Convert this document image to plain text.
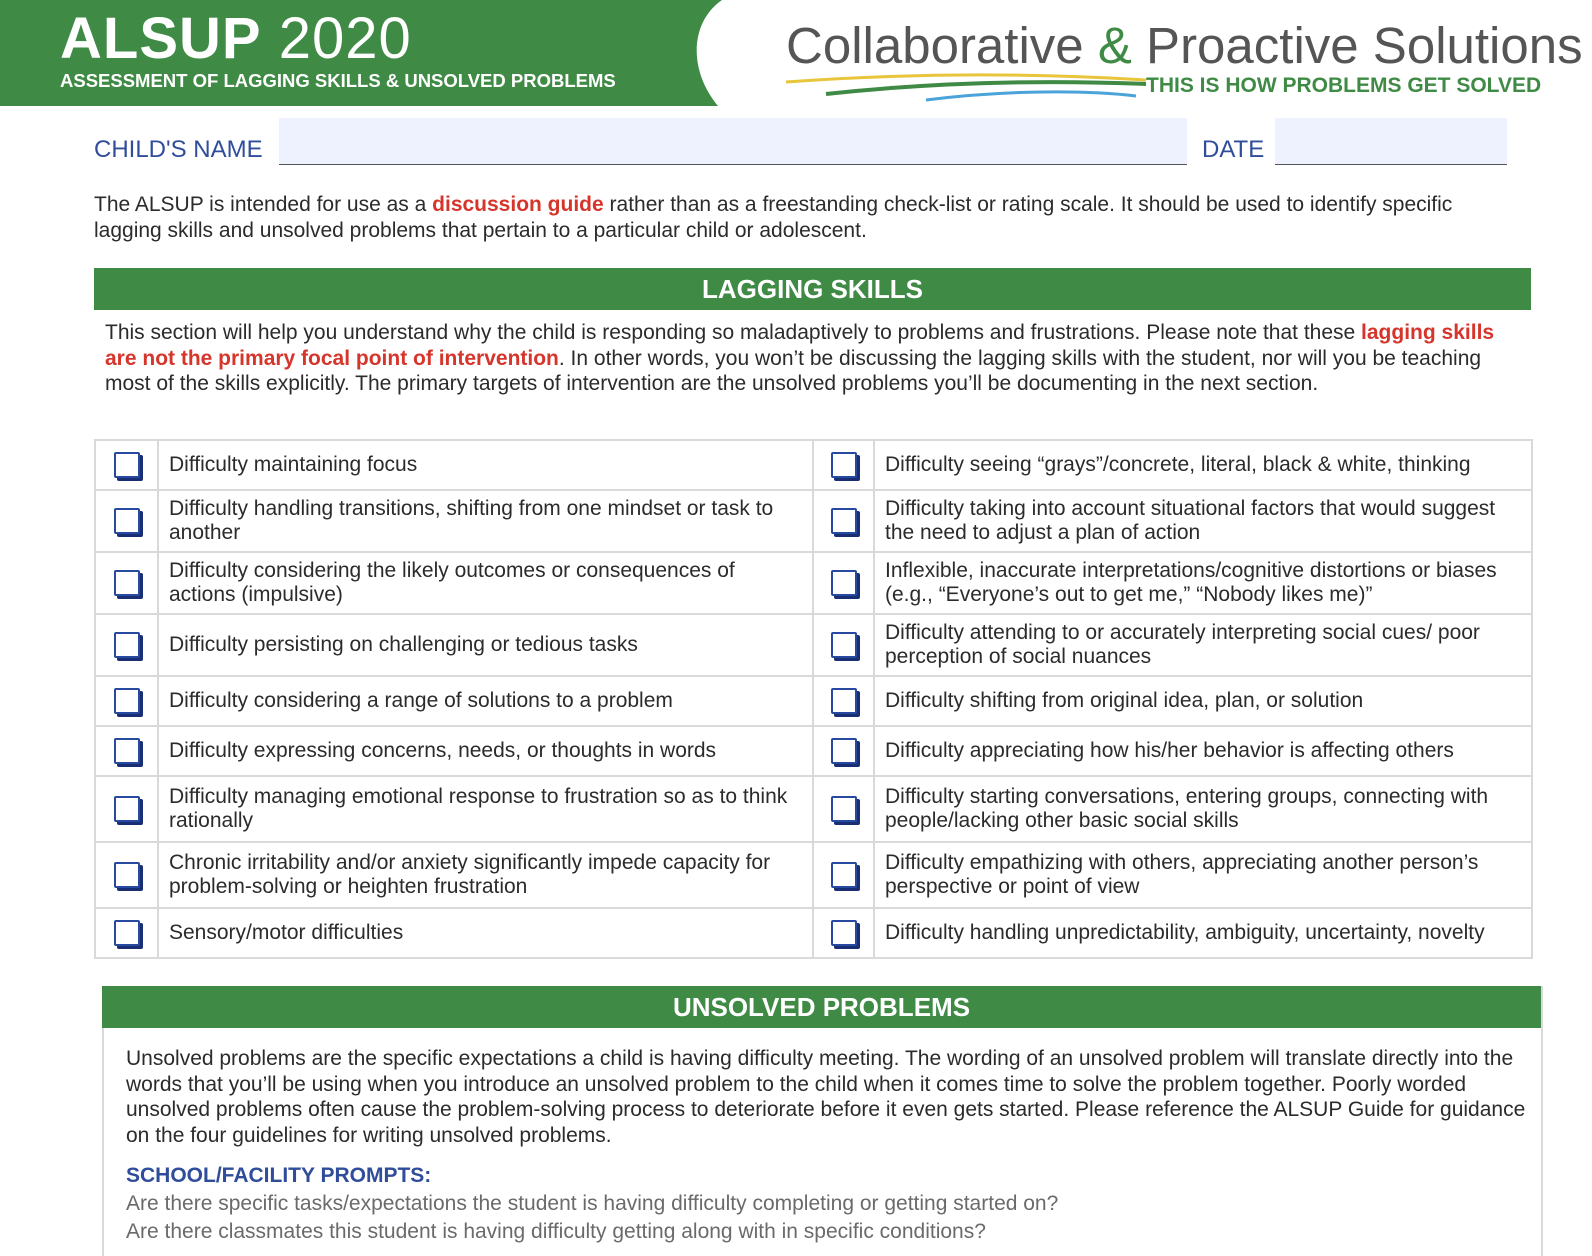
ALSUP 2020
ASSESSMENT OF LAGGING SKILLS & UNSOLVED PROBLEMS
Collaborative & Proactive Solutions
THIS IS HOW PROBLEMS GET SOLVED
CHILD'S NAME	DATE
The ALSUP is intended for use as a discussion guide rather than as a freestanding check-list or rating scale. It should be used to identify specific lagging skills and unsolved problems that pertain to a particular child or adolescent.
LAGGING SKILLS
This section will help you understand why the child is responding so maladaptively to problems and frustrations. Please note that these lagging skills are not the primary focal point of intervention. In other words, you won’t be discussing the lagging skills with the student, nor will you be teaching most of the skills explicitly. The primary targets of intervention are the unsolved problems you’ll be documenting in the next section.
	Difficulty maintaining focus		Difficulty seeing “grays”/concrete, literal, black & white, thinking
	Difficulty handling transitions, shifting from one mindset or task to another		Difficulty taking into account situational factors that would suggest the need to adjust a plan of action
	Difficulty considering the likely outcomes or consequences of actions (impulsive)		Inflexible, inaccurate interpretations/cognitive distortions or biases (e.g., “Everyone’s out to get me,” “Nobody likes me)”
	Difficulty persisting on challenging or tedious tasks		Difficulty attending to or accurately interpreting social cues/ poor perception of social nuances
	Difficulty considering a range of solutions to a problem		Difficulty shifting from original idea, plan, or solution
	Difficulty expressing concerns, needs, or thoughts in words		Difficulty appreciating how his/her behavior is affecting others
	Difficulty managing emotional response to frustration so as to think rationally		Difficulty starting conversations, entering groups, connecting with people/lacking other basic social skills
	Chronic irritability and/or anxiety significantly impede capacity for problem-solving or heighten frustration		Difficulty empathizing with others, appreciating another person’s perspective or point of view
	Sensory/motor difficulties		Difficulty handling unpredictability, ambiguity, uncertainty, novelty
UNSOLVED PROBLEMS
Unsolved problems are the specific expectations a child is having difficulty meeting. The wording of an unsolved problem will translate directly into the words that you’ll be using when you introduce an unsolved problem to the child when it comes time to solve the problem together. Poorly worded unsolved problems often cause the problem-solving process to deteriorate before it even gets started. Please reference the ALSUP Guide for guidance on the four guidelines for writing unsolved problems.
SCHOOL/FACILITY PROMPTS:
Are there specific tasks/expectations the student is having difficulty completing or getting started on?
Are there classmates this student is having difficulty getting along with in specific conditions?
